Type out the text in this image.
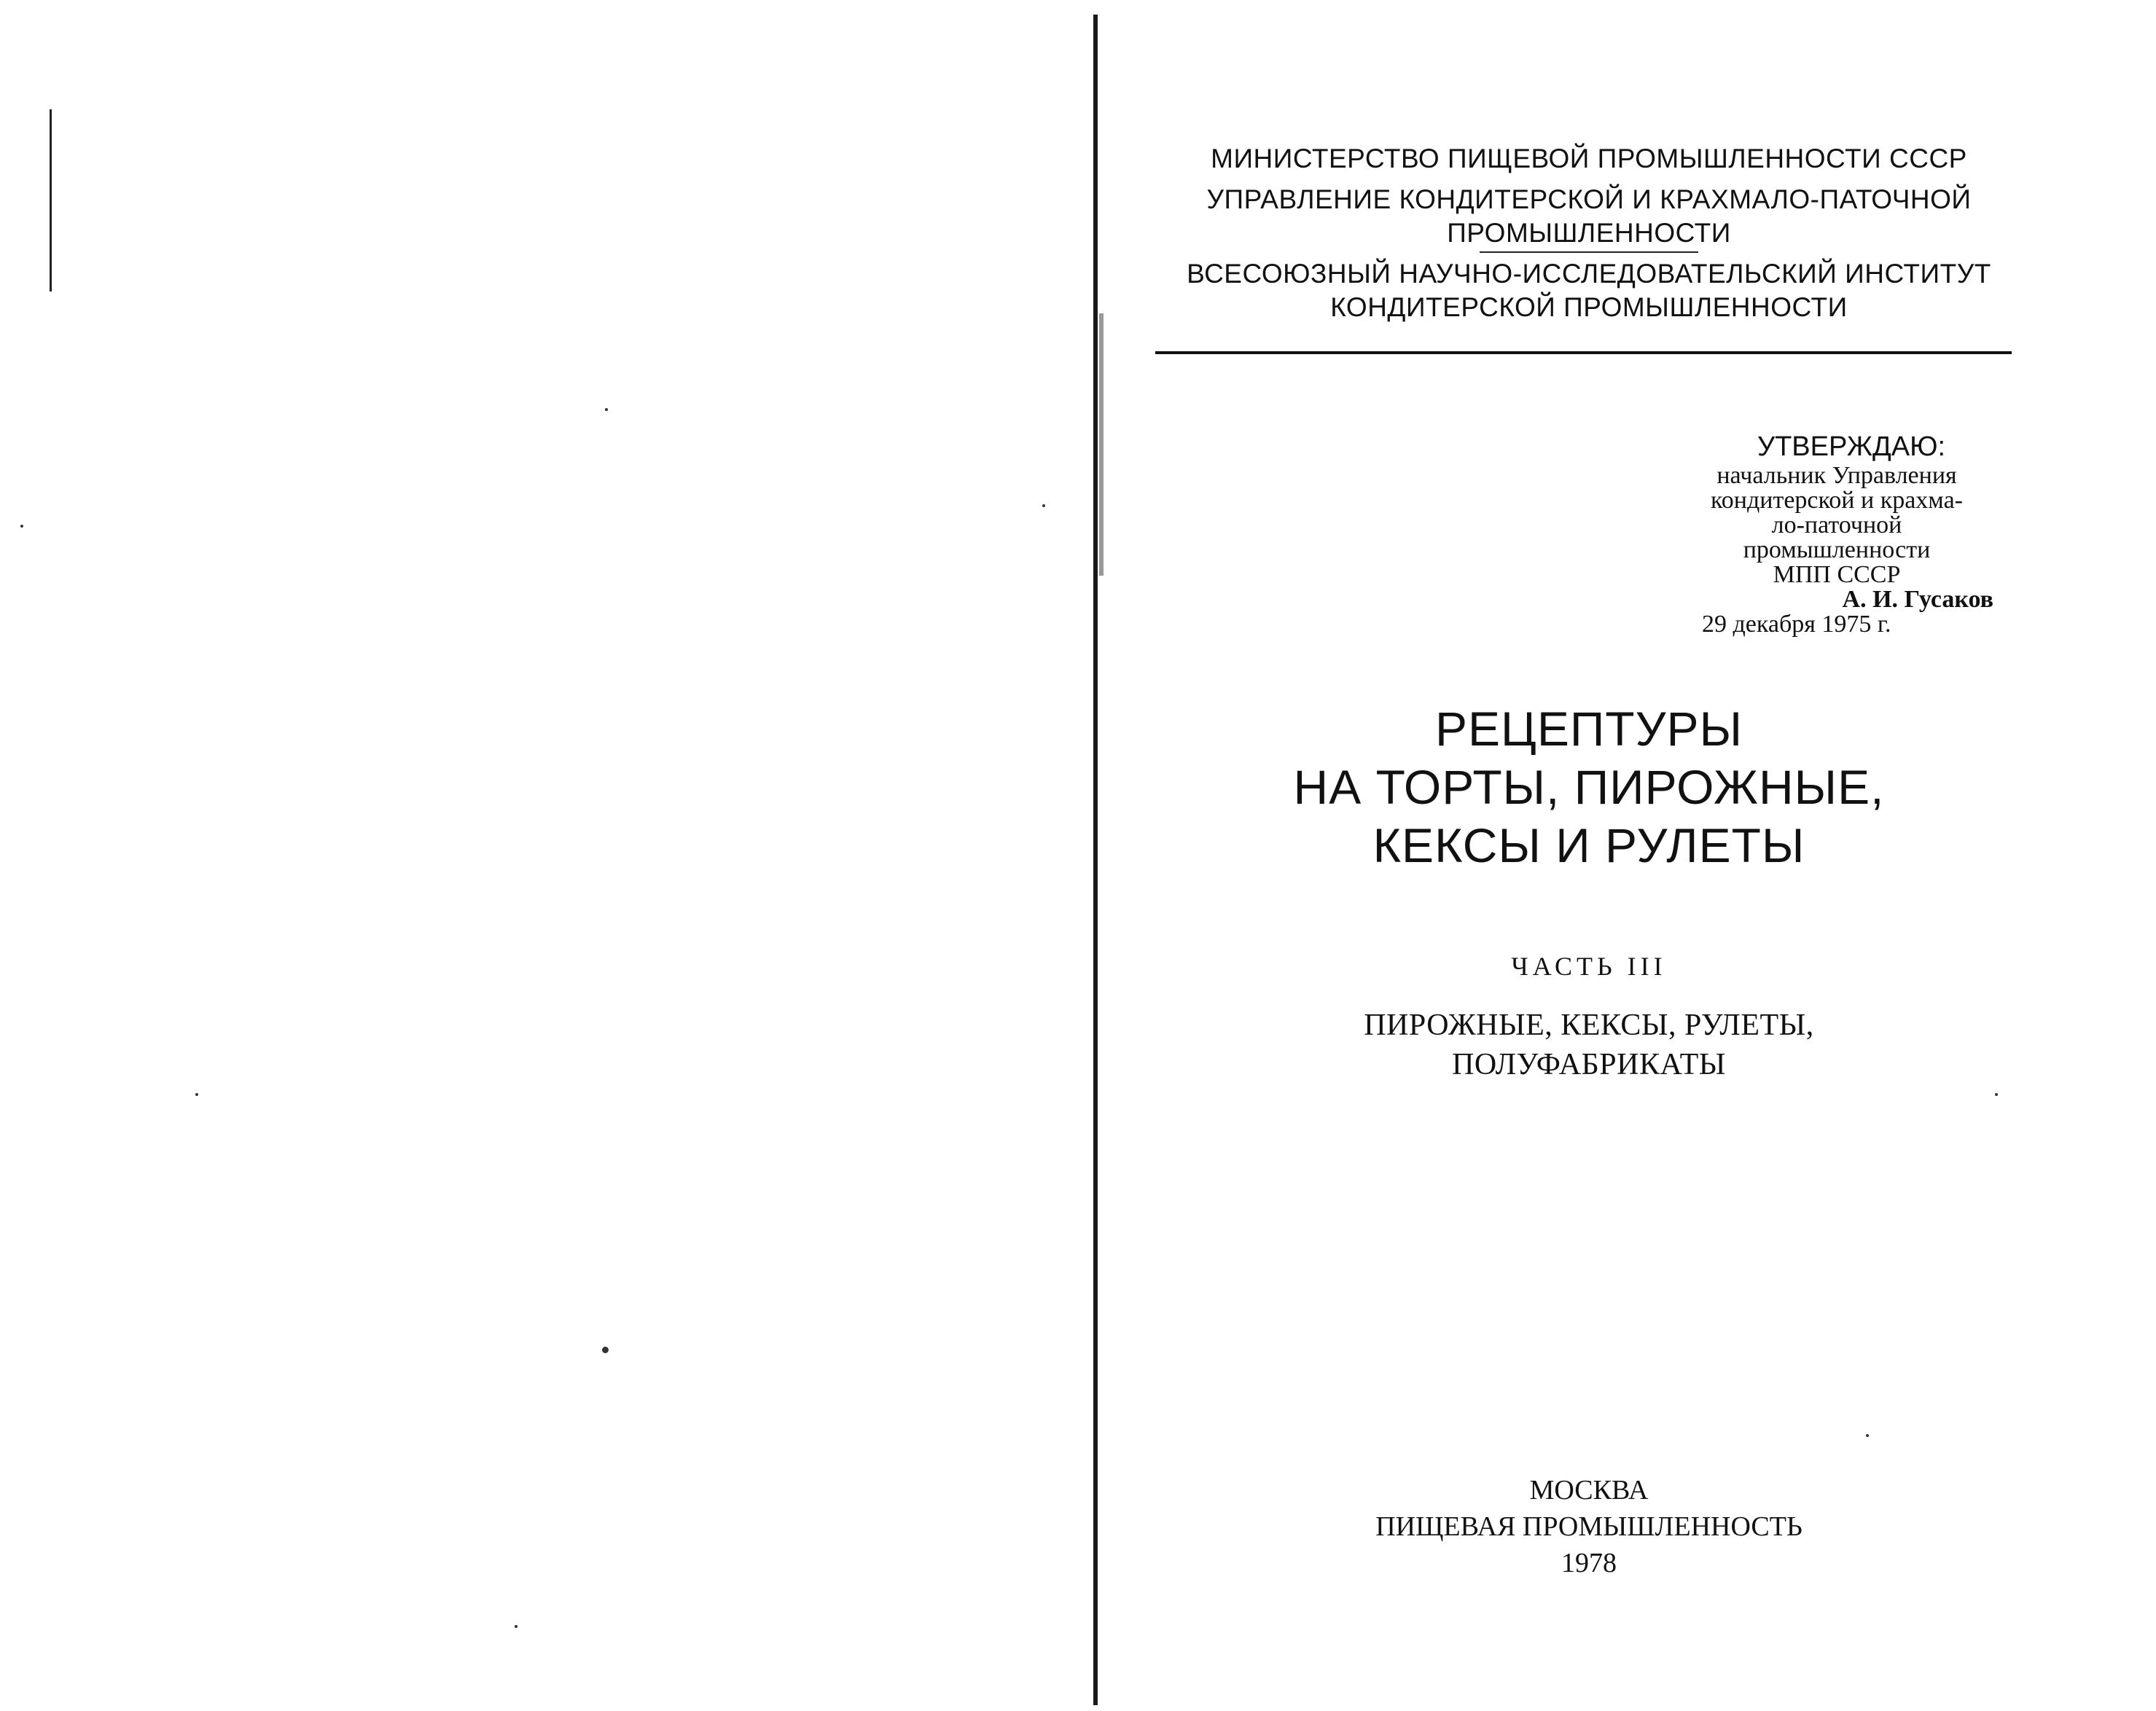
МИНИСТЕРСТВО ПИЩЕВОЙ ПРОМЫШЛЕННОСТИ СССР
УПРАВЛЕНИЕ КОНДИТЕРСКОЙ И КРАХМАЛО-ПАТОЧНОЙ
ПРОМЫШЛЕННОСТИ
ВСЕСОЮЗНЫЙ НАУЧНО-ИССЛЕДОВАТЕЛЬСКИЙ ИНСТИТУТ
КОНДИТЕРСКОЙ ПРОМЫШЛЕННОСТИ
УТВЕРЖДАЮ:
начальник Управления
кондитерской и крахма-
ло-паточной
промышленности
МПП СССР
А. И. Гусаков
29 декабря 1975 г.
РЕЦЕПТУРЫ
НА ТОРТЫ, ПИРОЖНЫЕ,
КЕКСЫ И РУЛЕТЫ
ЧАСТЬ III
ПИРОЖНЫЕ, КЕКСЫ, РУЛЕТЫ,
ПОЛУФАБРИКАТЫ
МОСКВА
ПИЩЕВАЯ ПРОМЫШЛЕННОСТЬ
1978
